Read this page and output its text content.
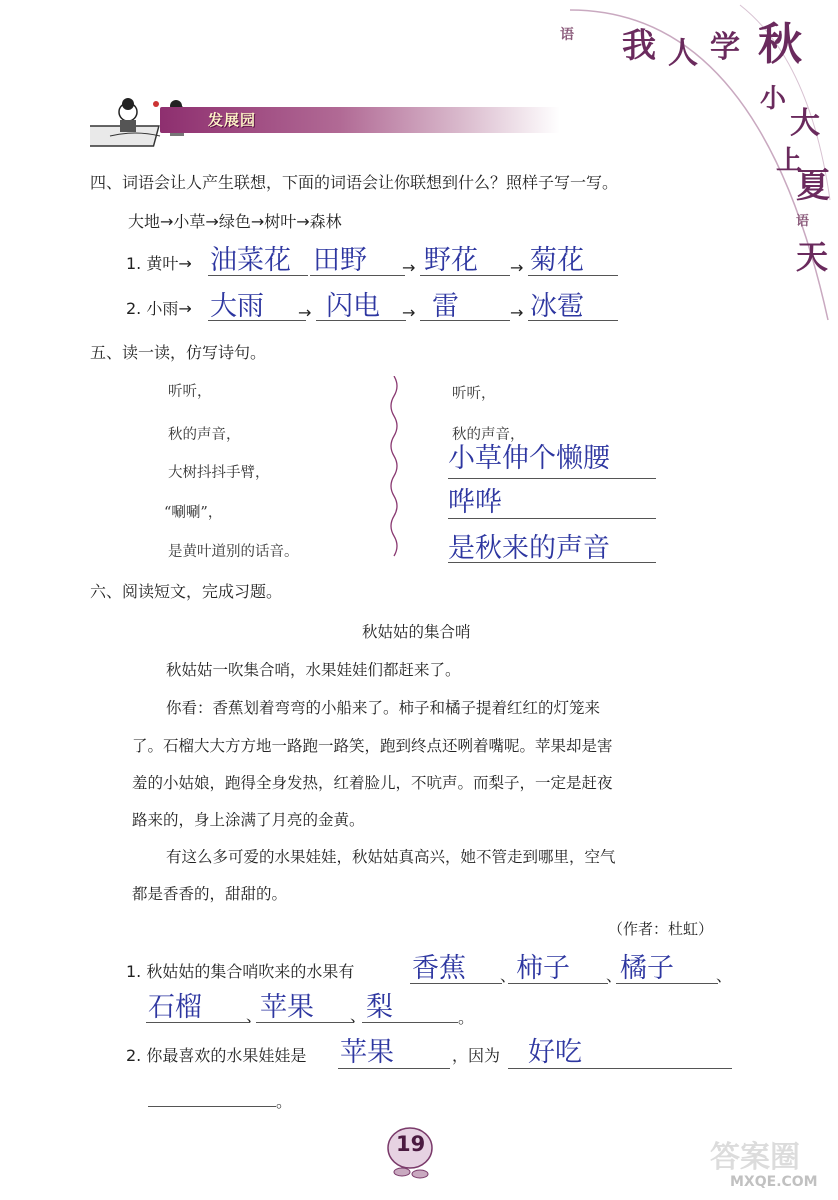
语 我 人 学 秋
小
大
上
夏
语
天
发展园
四、词语会让人产生联想，下面的词语会让你联想到什么？照样子写一写。
大地→小草→绿色→树叶→森林
1. 黄叶→ 油菜花 田野 → 野花 → 菊花
2. 小雨→ 大雨 → 闪电 → 雷	→ 冰雹
五、读一读，仿写诗句。
听听，
秋的声音，
大树抖抖手臂，
“唰唰”，
是黄叶道别的话音。
听听，
秋的声音，
小草伸个懒腰
哗哗
是秋来的声音
六、阅读短文，完成习题。
秋姑姑的集合哨
秋姑姑一吹集合哨，水果娃娃们都赶来了。
你看：香蕉划着弯弯的小船来了。柿子和橘子提着红红的灯笼来
了。石榴大大方方地一路跑一路笑，跑到终点还咧着嘴呢。苹果却是害
羞的小姑娘，跑得全身发热，红着脸儿，不吭声。而梨子，一定是赶夜
路来的，身上涂满了月亮的金黄。
有这么多可爱的水果娃娃，秋姑姑真高兴，她不管走到哪里，空气
都是香香的，甜甜的。
（作者：杜虹）
1. 秋姑姑的集合哨吹来的水果有 香蕉 、 柿子 、
橘子	、
石榴	、
苹果 、 梨	。
2. 你最喜欢的水果娃娃是 苹果	，因为 好吃
。
19	答案圈
MXQE.COM
